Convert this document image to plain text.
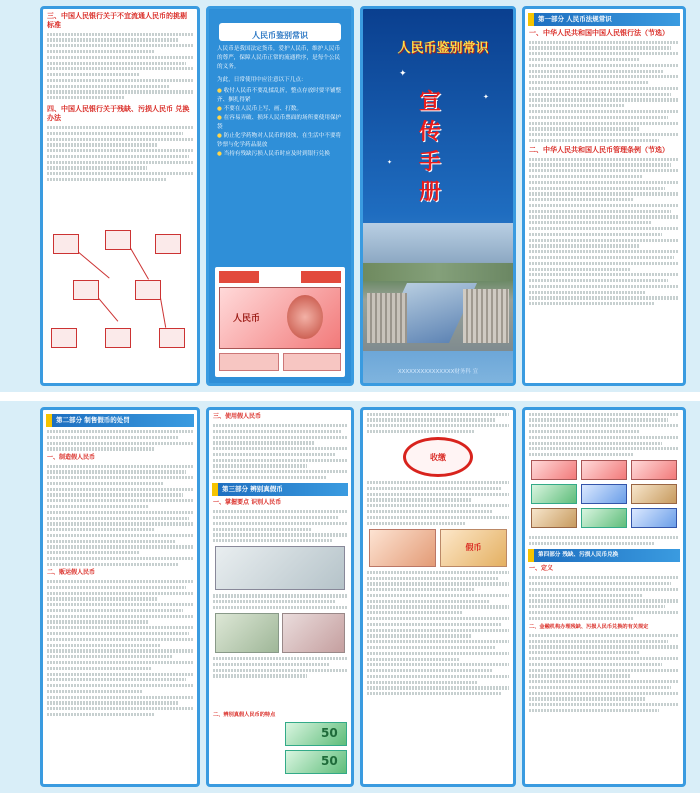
三、中国人民银行关于不宜流通人民币的挑剔标准
四、中国人民银行关于残缺、污损人民币 兑换办法
人民币鉴别常识
人民币是我国法定货币，爱护人民币，维护人民币的尊严，保障人民币正常的流通秩序，是每个公民的义务。
为此，日常使用中应注意以下几点：
● 收付人民币不要乱揉乱折，整点存放时要平铺整齐、捆扎得紧
● 不要在人民币上写、画、打数。
● 在容易弄破、损坏人民币票面的场所要使用保护袋
● 防止化学药物对人民币的侵蚀，在生活中不要将钞票与化学药品混放
● 当持有残缺污损人民币时应及时到银行兑换
人民币
人民币鉴别常识
✦
✦
✦
宣
传
手
册
XXXXXXXXXXXXXXX财务科 宣
第一部分 人民币法规常识
一、中华人民共和国中国人民银行法（节选）
二、中华人民共和国人民币管理条例（节选）
第二部分 制售假币的处罚
一、制造假人民币
二、贩运假人民币
三、使用假人民币
第三部分 辨别真假币
一、掌握要点 识别人民币
50
50
二、辨别真假人民币的特点
收缴
假币
第四部分 残缺、污损人民币兑换
一、定义
二、金融机构办理残缺、污损人民币兑换的有关规定
